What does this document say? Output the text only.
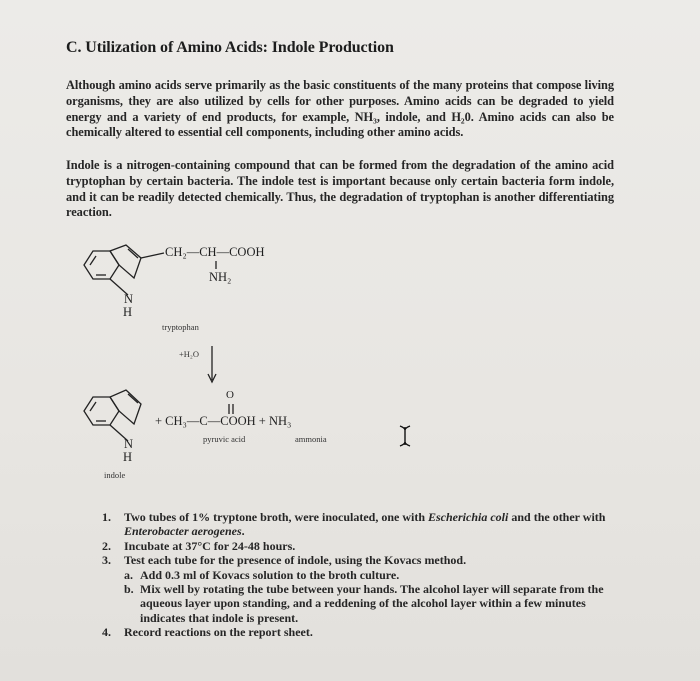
C. Utilization of Amino Acids: Indole Production

Although amino acids serve primarily as the basic constituents of the many proteins that compose living organisms, they are also utilized by cells for other purposes. Amino acids can be degraded to yield energy and a variety of end products, for example, NH₃, indole, and H₂0. Amino acids can also be chemically altered to essential cell components, including other amino acids.

Indole is a nitrogen-containing compound that can be formed from the degradation of the amino acid tryptophan by certain bacteria. The indole test is important because only certain bacteria form indole, and it can be readily detected chemically. Thus, the degradation of tryptophan is another differentiating reaction.

CH₂—CH—COOH
NH₂
N
H
tryptophan
+H₂O
O
+ CH₃—C—COOH + NH₃
pyruvic acid	ammonia
N
H
indole

1. Two tubes of 1% tryptone broth, were inoculated, one with Escherichia coli and the other with Enterobacter aerogenes.

2. Incubate at 37°C for 24-48 hours.

3. Test each tube for the presence of indole, using the Kovacs method.

a. Add 0.3 ml of Kovacs solution to the broth culture.

b. Mix well by rotating the tube between your hands. The alcohol layer will separate from the aqueous layer upon standing, and a reddening of the alcohol layer within a few minutes indicates that indole is present.

4. Record reactions on the report sheet.
